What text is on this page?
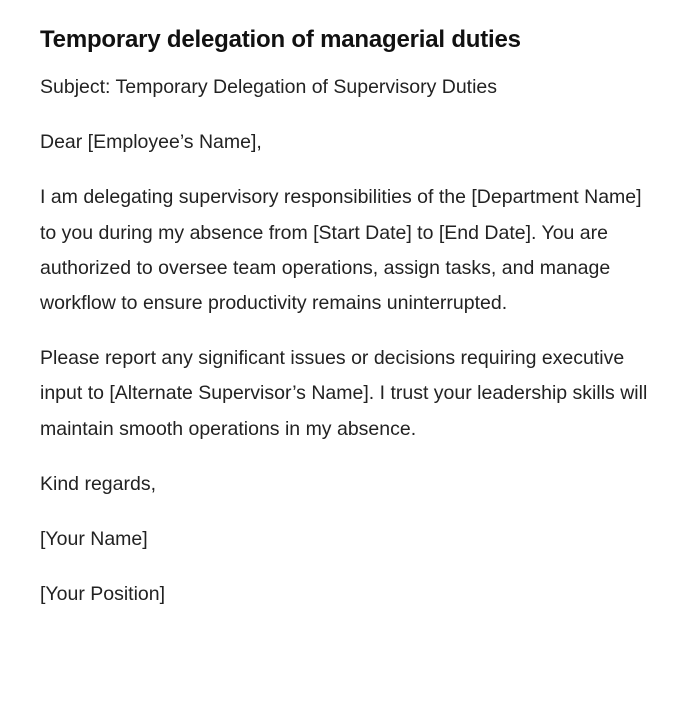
Temporary delegation of managerial duties

Subject: Temporary Delegation of Supervisory Duties

Dear [Employee’s Name],

I am delegating supervisory responsibilities of the [Department Name] to you during my absence from [Start Date] to [End Date]. You are authorized to oversee team operations, assign tasks, and manage workflow to ensure productivity remains uninterrupted.

Please report any significant issues or decisions requiring executive input to [Alternate Supervisor’s Name]. I trust your leadership skills will maintain smooth operations in my absence.

Kind regards,

[Your Name]

[Your Position]
